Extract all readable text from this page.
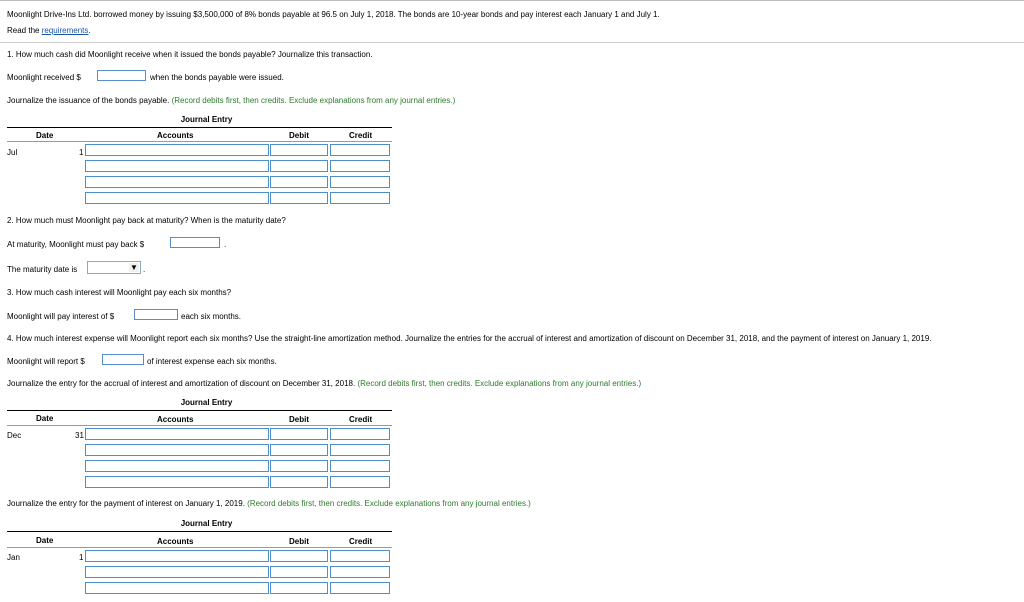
Moonlight Drive-Ins Ltd. borrowed money by issuing $3,500,000 of 8% bonds payable at 96.5 on July 1, 2018. The bonds are 10-year bonds and pay interest each January 1 and July 1.
Read the requirements.
1. How much cash did Moonlight receive when it issued the bonds payable? Journalize this transaction.
Moonlight received $	when the bonds payable were issued.
Journalize the issuance of the bonds payable. (Record debits first, then credits. Exclude explanations from any journal entries.)
Journal Entry
Date	Accounts	Debit	Credit
Jul	1
2. How much must Moonlight pay back at maturity? When is the maturity date?
At maturity, Moonlight must pay back $	.
The maturity date is	▼ .
3. How much cash interest will Moonlight pay each six months?
Moonlight will pay interest of $	each six months.
4. How much interest expense will Moonlight report each six months? Use the straight-line amortization method. Journalize the entries for the accrual of interest and amortization of discount on December 31, 2018, and the payment of interest on January 1, 2019.
Moonlight will report $	of interest expense each six months.
Journalize the entry for the accrual of interest and amortization of discount on December 31, 2018. (Record debits first, then credits. Exclude explanations from any journal entries.)
Journal Entry
Date	Accounts	Debit	Credit
Dec	31
Journalize the entry for the payment of interest on January 1, 2019. (Record debits first, then credits. Exclude explanations from any journal entries.)
Journal Entry
Date	Accounts	Debit	Credit
Jan	1
